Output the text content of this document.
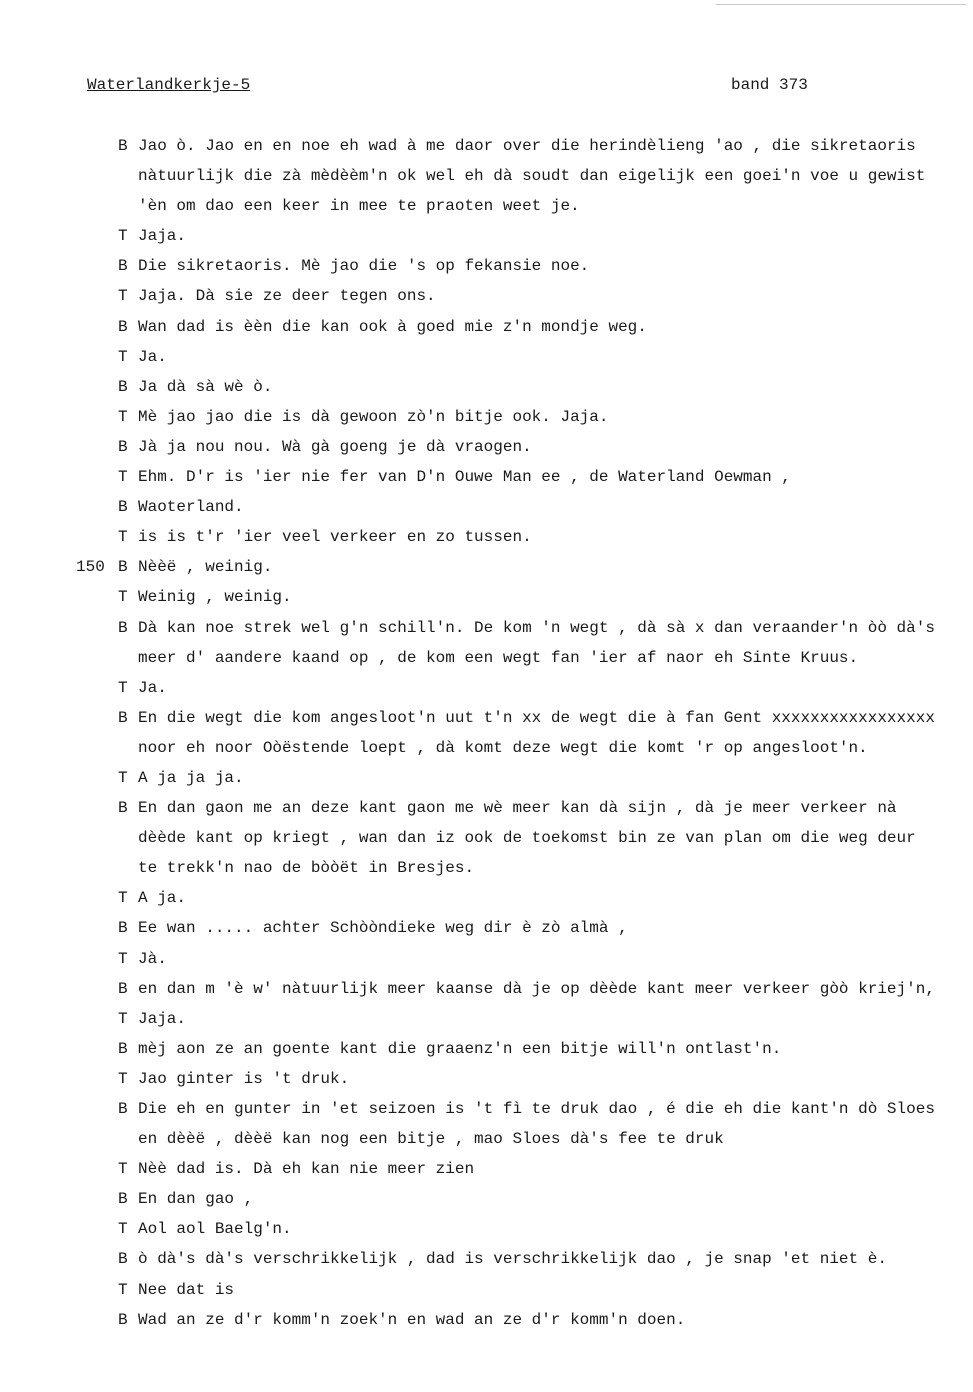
Waterlandkerkje-5	band 373
B Jao ò. Jao en en noe eh wad à me daor over die herindèlieng 'ao , die sikretaoris
nàtuurlijk die zà mèdèèm'n ok wel eh dà soudt dan eigelijk een goei'n voe u gewist
'èn om dao een keer in mee te praoten weet je.
T Jaja.
B Die sikretaoris. Mè jao die 's op fekansie noe.
T Jaja. Dà sie ze deer tegen ons.
B Wan dad is èèn die kan ook à goed mie z'n mondje weg.
T Ja.
B Ja dà sà wè ò.
T Mè jao jao die is dà gewoon zò'n bitje ook. Jaja.
B Jà ja nou nou. Wà gà goeng je dà vraogen.
T Ehm. D'r is 'ier nie fer van D'n Ouwe Man ee , de Waterland Oewman ,
B Waoterland.
T is is t'r 'ier veel verkeer en zo tussen.
150 B Nèèë , weinig.
T Weinig , weinig.
B Dà kan noe strek wel g'n schill'n. De kom 'n wegt , dà sà x dan veraander'n òò dà's
meer d' aandere kaand op , de kom een wegt fan 'ier af naor eh Sinte Kruus.
T Ja.
B En die wegt die kom angesloot'n uut t'n xx de wegt die à fan Gent xxxxxxxxxxxxxxxxx
noor eh noor Oòëstende loept , dà komt deze wegt die komt 'r op angesloot'n.
T A ja ja ja.
B En dan gaon me an deze kant gaon me wè meer kan dà sijn , dà je meer verkeer nà
dèède kant op kriegt , wan dan iz ook de toekomst bin ze van plan om die weg deur
te trekk'n nao de bòòët in Bresjes.
T A ja.
B Ee wan ..... achter Schòòndieke weg dir è zò almà ,
T Jà.
B en dan m 'è w' nàtuurlijk meer kaanse dà je op dèède kant meer verkeer gòò kriej'n,
T Jaja.
B mèj aon ze an goente kant die graaenz'n een bitje will'n ontlast'n.
T Jao ginter is 't druk.
B Die eh en gunter in 'et seizoen is 't fì te druk dao , é die eh die kant'n dò Sloes
en dèèë , dèèë kan nog een bitje , mao Sloes dà's fee te druk
T Nèè dad is. Dà eh kan nie meer zien
B En dan gao ,
T Aol aol Baelg'n.
B ò dà's dà's verschrikkelijk , dad is verschrikkelijk dao , je snap 'et niet è.
T Nee dat is
B Wad an ze d'r komm'n zoek'n en wad an ze d'r komm'n doen.
